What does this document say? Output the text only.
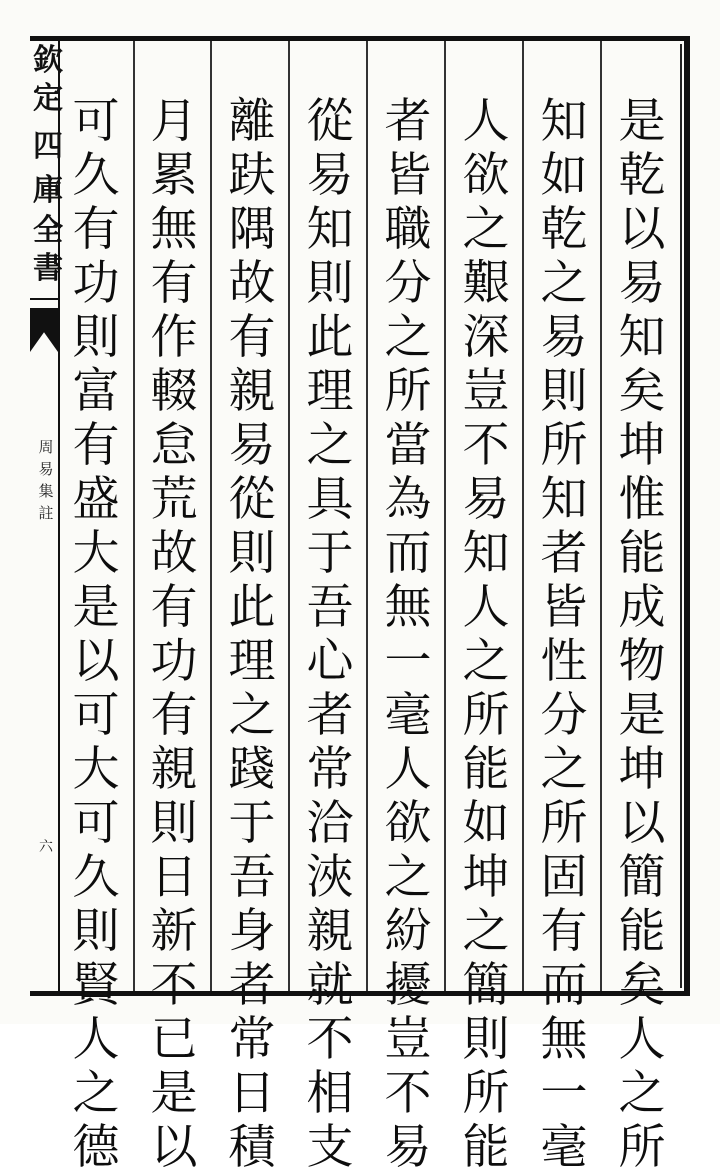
欽
定
四
庫
全
書
周
易
集
註
六
是
乾
以
易
知
矣
坤
惟
能
成
物
是
坤
以
簡
能
矣
人
之
所
知
如
乾
之
易
則
所
知
者
皆
性
分
之
所
固
有
而
無
一
毫
人
欲
之
艱
深
豈
不
易
知
人
之
所
能
如
坤
之
簡
則
所
能
者
皆
職
分
之
所
當
為
而
無
一
毫
人
欲
之
紛
擾
豈
不
易
從
易
知
則
此
理
之
具
于
吾
心
者
常
洽
浹
親
就
不
相
支
離
趺
隅
故
有
親
易
從
則
此
理
之
踐
于
吾
身
者
常
日
積
月
累
無
有
作
輟
怠
荒
故
有
功
有
親
則
日
新
不
已
是
以
可
久
有
功
則
富
有
盛
大
是
以
可
大
可
久
則
賢
人
之
德
